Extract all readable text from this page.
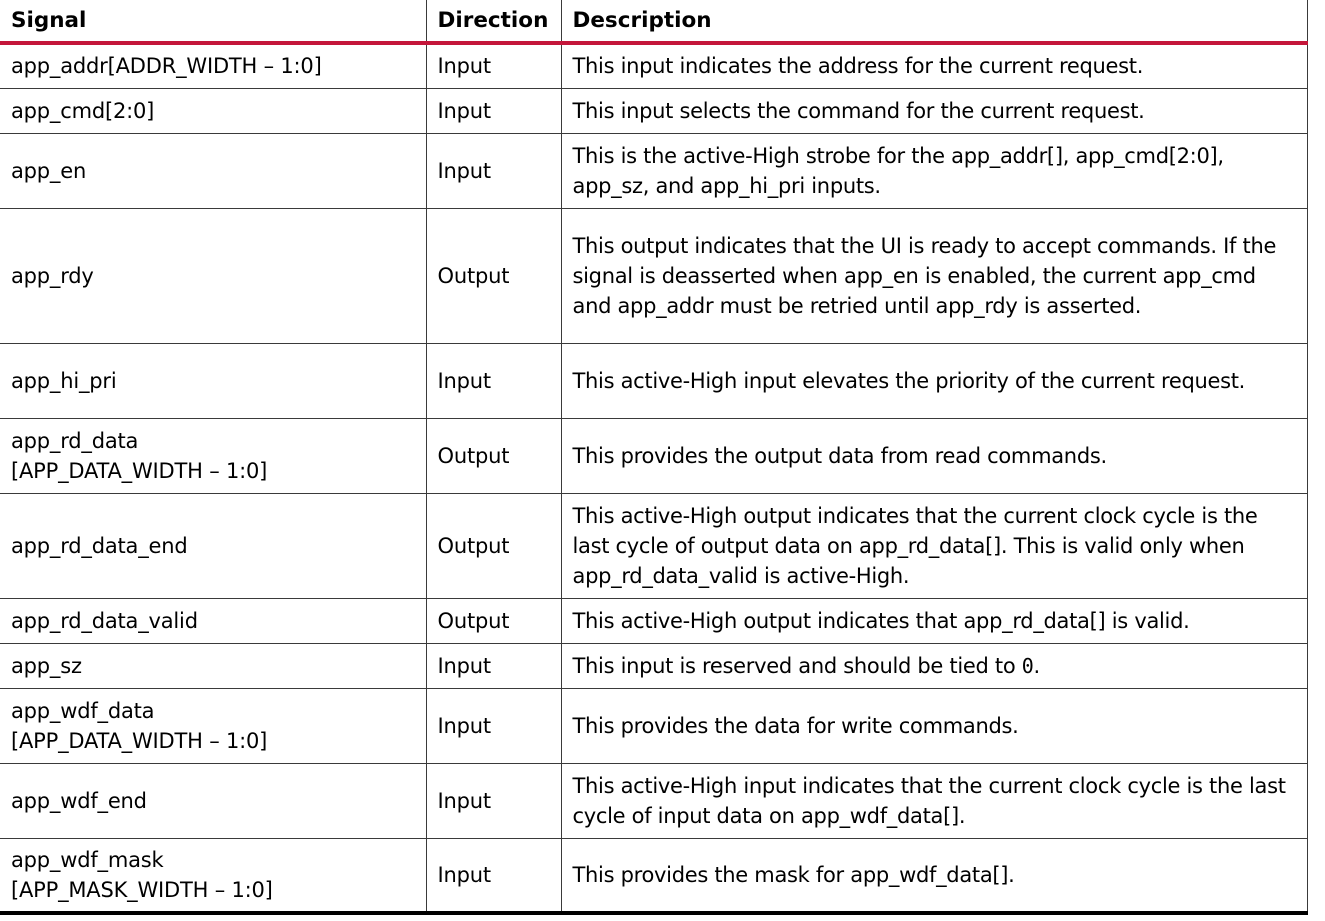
Signal	Direction	Description
app_addr[ADDR_WIDTH – 1:0]	Input	This input indicates the address for the current request.
app_cmd[2:0]	Input	This input selects the command for the current request.
app_en	Input	This is the active-High strobe for the app_addr[], app_cmd[2:0], app_sz, and app_hi_pri inputs.
app_rdy	Output	This output indicates that the UI is ready to accept commands. If the signal is deasserted when app_en is enabled, the current app_cmd and app_addr must be retried until app_rdy is asserted.
app_hi_pri	Input	This active-High input elevates the priority of the current request.
app_rd_data
[APP_DATA_WIDTH – 1:0]	Output	This provides the output data from read commands.
app_rd_data_end	Output	This active-High output indicates that the current clock cycle is the last cycle of output data on app_rd_data[]. This is valid only when app_rd_data_valid is active-High.
app_rd_data_valid	Output	This active-High output indicates that app_rd_data[] is valid.
app_sz	Input	This input is reserved and should be tied to 0.
app_wdf_data
[APP_DATA_WIDTH – 1:0]	Input	This provides the data for write commands.
app_wdf_end	Input	This active-High input indicates that the current clock cycle is the last cycle of input data on app_wdf_data[].
app_wdf_mask
[APP_MASK_WIDTH – 1:0]	Input	This provides the mask for app_wdf_data[].
